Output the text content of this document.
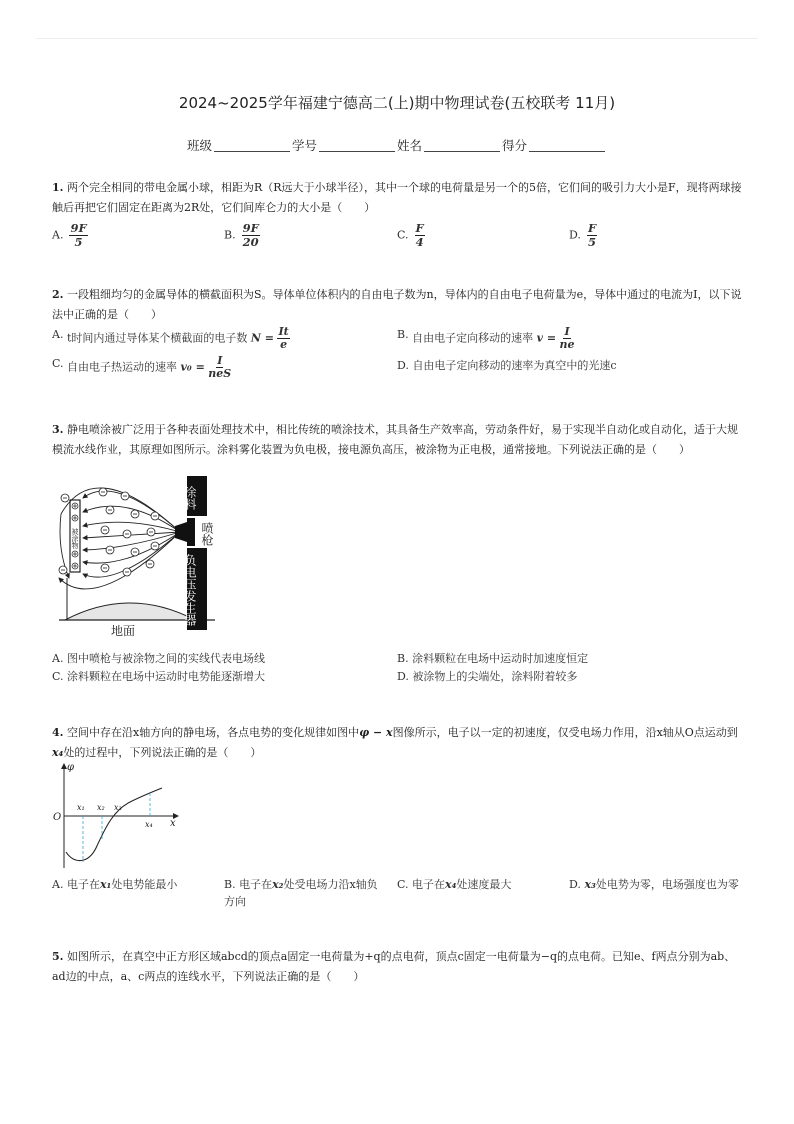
2024~2025学年福建宁德高二(上)期中物理试卷(五校联考 11月)
班级	学号	姓名	得分
1. 两个完全相同的带电金属小球，相距为R（R远大于小球半径），其中一个球的电荷量是另一个的5倍，它们间的吸引力大小是F，现将两球接触后再把它们固定在距离为2R处，它们间库仑力的大小是（　　）
A. $\frac{9F}{5}$	B. $\frac{9F}{20}$	C. $\frac{F}{4}$	D. $\frac{F}{5}$
2. 一段粗细均匀的金属导体的横截面积为S。导体单位体积内的自由电子数为n，导体内的自由电子电荷量为e，导体中通过的电流为I，以下说法中正确的是（　　）
A. t时间内通过导体某个横截面的电子数 $N = \frac{It}{e}$	B. 自由电子定向移动的速率 $v = \frac{I}{ne}$
C. 自由电子热运动的速率 v₀ = I
neS
D. 自由电子定向移动的速率为真空中的光速c
3. 静电喷涂被广泛用于各种表面处理技术中，相比传统的喷涂技术，其具备生产效率高，劳动条件好，易于实现半自动化或自动化，适于大规模流水线作业，其原理如图所示。涂料雾化装置为负电极，接电源负高压，被涂物为正电极，通常接地。下列说法正确的是（　　）
地面
被涂物
涂料
喷枪
负电压发生器
A. 图中喷枪与被涂物之间的实线代表电场线	B. 涂料颗粒在电场中运动时加速度恒定
C. 涂料颗粒在电场中运动时电势能逐渐增大	D. 被涂物上的尖端处，涂料附着较多
4. 空间中存在沿x轴方向的静电场，各点电势的变化规律如图中φ − x图像所示，电子以一定的初速度，仅受电场力作用，沿x轴从O点运动到x₄处的过程中，下列说法正确的是（　　）
φ
O
x
x₁ x₂ x₃
x₄
A. 电子在x₁处电势能最小	B. 电子在x₂处受电场力沿x轴负方向
C. 电子在x₄处速度最大	D. x₃处电势为零，电场强度也为零
5. 如图所示，在真空中正方形区域abcd的顶点a固定一电荷量为+q的点电荷，顶点c固定一电荷量为−q的点电荷。已知e、f两点分别为ab、ad边的中点，a、c两点的连线水平，下列说法正确的是（　　）
